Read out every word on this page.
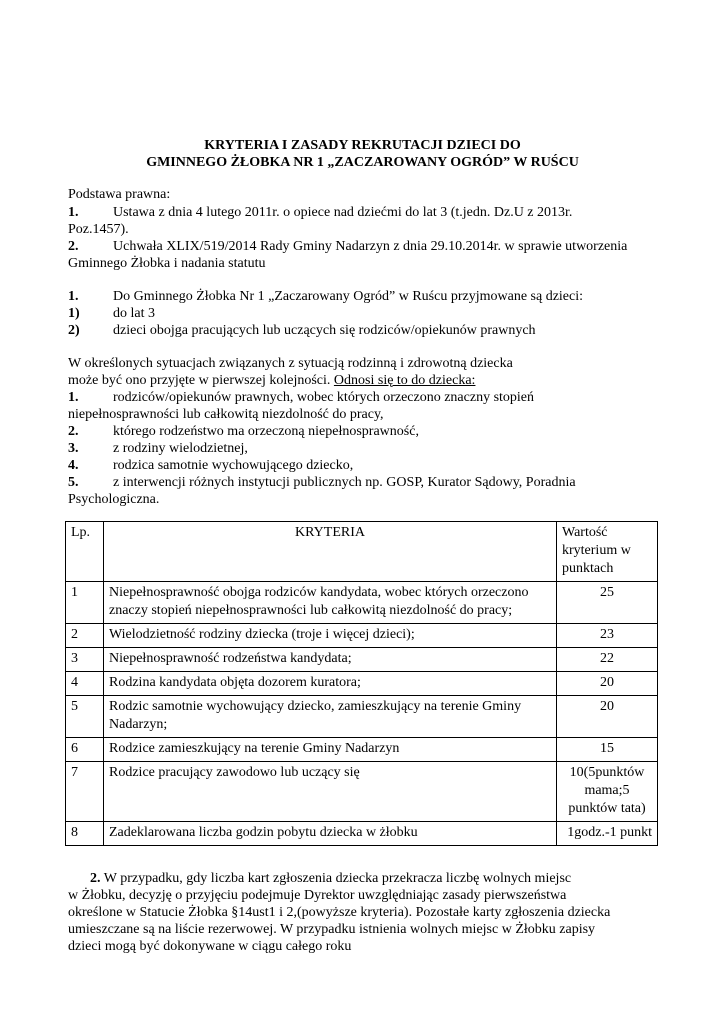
KRYTERIA I ZASADY REKRUTACJI DZIECI DO
GMINNEGO ŻŁOBKA NR 1 „ZACZAROWANY OGRÓD” W RUŚCU
Podstawa prawna:
1. Ustawa z dnia 4 lutego 2011r. o opiece nad dziećmi do lat 3 (t.jedn. Dz.U z 2013r.
Poz.1457).
2. Uchwała XLIX/519/2014 Rady Gminy Nadarzyn z dnia 29.10.2014r. w sprawie utworzenia
Gminnego Żłobka i nadania statutu
1. Do Gminnego Żłobka Nr 1 „Zaczarowany Ogród” w Ruścu przyjmowane są dzieci:
1) do lat 3
2) dzieci obojga pracujących lub uczących się rodziców/opiekunów prawnych
W określonych sytuacjach związanych z sytuacją rodzinną i zdrowotną dziecka
może być ono przyjęte w pierwszej kolejności. Odnosi się to do dziecka:
1. rodziców/opiekunów prawnych, wobec których orzeczono znaczny stopień
niepełnosprawności lub całkowitą niezdolność do pracy,
2. którego rodzeństwo ma orzeczoną niepełnosprawność,
3. z rodziny wielodzietnej,
4. rodzica samotnie wychowującego dziecko,
5. z interwencji różnych instytucji publicznych np. GOSP, Kurator Sądowy, Poradnia
Psychologiczna.
Lp.	KRYTERIA	Wartość kryterium w punktach
1	Niepełnosprawność obojga rodziców kandydata, wobec których orzeczono znaczy stopień niepełnosprawności lub całkowitą niezdolność do pracy;	25
2	Wielodzietność rodziny dziecka (troje i więcej dzieci);	23
3	Niepełnosprawność rodzeństwa kandydata;	22
4	Rodzina kandydata objęta dozorem kuratora;	20
5	Rodzic samotnie wychowujący dziecko, zamieszkujący na terenie Gminy Nadarzyn;	20
6	Rodzice zamieszkujący na terenie Gminy Nadarzyn	15
7	Rodzice pracujący zawodowo lub uczący się	10(5punktów mama;5 punktów tata)
8	Zadeklarowana liczba godzin pobytu dziecka w żłobku	1godz.-1 punkt
2. W przypadku, gdy liczba kart zgłoszenia dziecka przekracza liczbę wolnych miejsc
w Żłobku, decyzję o przyjęciu podejmuje Dyrektor uwzględniając zasady pierwszeństwa
określone w Statucie Żłobka §14ust1 i 2,(powyższe kryteria). Pozostałe karty zgłoszenia dziecka
umieszczane są na liście rezerwowej. W przypadku istnienia wolnych miejsc w Żłobku zapisy
dzieci mogą być dokonywane w ciągu całego roku
